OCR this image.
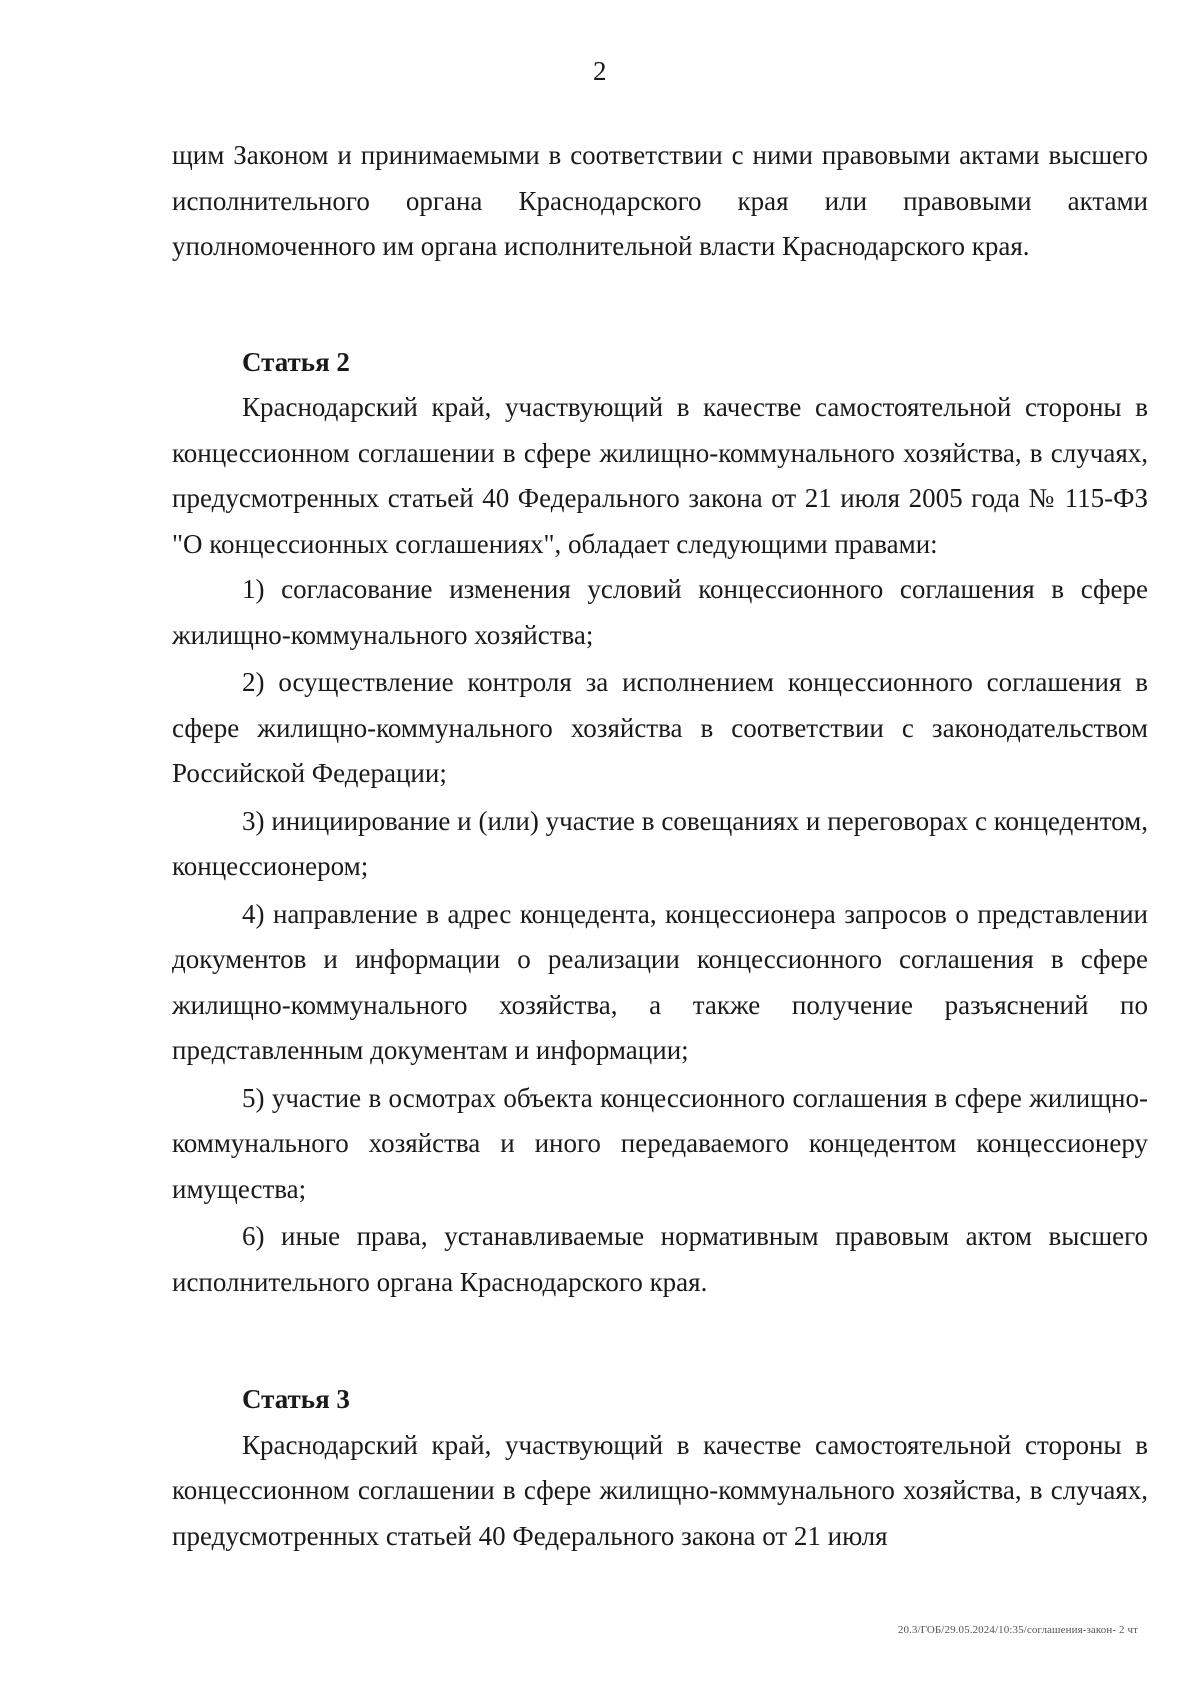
2

щим Законом и принимаемыми в соответствии с ними правовыми актами высшего исполнительного органа Краснодарского края или правовыми актами уполномоченного им органа исполнительной власти Краснодарского края.

Статья 2

Краснодарский край, участвующий в качестве самостоятельной стороны в концессионном соглашении в сфере жилищно-коммунального хозяйства, в случаях, предусмотренных статьей 40 Федерального закона от 21 июля 2005 года № 115-ФЗ "О концессионных соглашениях", обладает следующими правами:

1) согласование изменения условий концессионного соглашения в сфере жилищно-коммунального хозяйства;

2) осуществление контроля за исполнением концессионного соглашения в сфере жилищно-коммунального хозяйства в соответствии с законодательством Российской Федерации;

3) инициирование и (или) участие в совещаниях и переговорах с концедентом, концессионером;

4) направление в адрес концедента, концессионера запросов о представлении документов и информации о реализации концессионного соглашения в сфере жилищно-коммунального хозяйства, а также получение разъяснений по представленным документам и информации;

5) участие в осмотрах объекта концессионного соглашения в сфере жилищно-коммунального хозяйства и иного передаваемого концедентом концессионеру имущества;

6) иные права, устанавливаемые нормативным правовым актом высшего исполнительного органа Краснодарского края.

Статья 3

Краснодарский край, участвующий в качестве самостоятельной стороны в концессионном соглашении в сфере жилищно-коммунального хозяйства, в случаях, предусмотренных статьей 40 Федерального закона от 21 июля

20.3/ГОБ/29.05.2024/10:35/соглашения-закон- 2 чт
